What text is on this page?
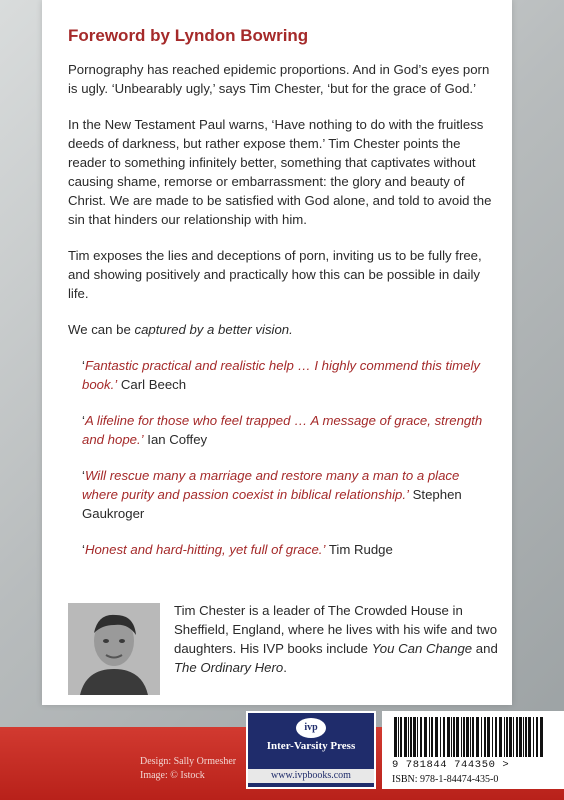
Foreword by Lyndon Bowring

Pornography has reached epidemic proportions. And in God’s eyes porn is ugly. ‘Unbearably ugly,’ says Tim Chester, ‘but for the grace of God.’

In the New Testament Paul warns, ‘Have nothing to do with the fruitless deeds of darkness, but rather expose them.’ Tim Chester points the reader to something infinitely better, something that captivates without causing shame, remorse or embarrassment: the glory and beauty of Christ. We are made to be satisfied with God alone, and told to avoid the sin that hinders our relationship with him.

Tim exposes the lies and deceptions of porn, inviting us to be fully free, and showing positively and practically how this can be possible in daily life.

We can be captured by a better vision.

‘Fantastic practical and realistic help … I highly commend this timely book.’ Carl Beech

‘A lifeline for those who feel trapped … A message of grace, strength and hope.’ Ian Coffey

‘Will rescue many a marriage and restore many a man to a place where purity and passion coexist in biblical relationship.’ Stephen Gaukroger

‘Honest and hard-hitting, yet full of grace.’ Tim Rudge

Tim Chester is a leader of The Crowded House in Sheffield, England, where he lives with his wife and two daughters. His IVP books include You Can Change and The Ordinary Hero.
Design: Sally Ormesher
Image: © Istock
ivp
Inter-Varsity Press
www.ivpbooks.com
9 781844 744350 >
ISBN: 978-1-84474-435-0
